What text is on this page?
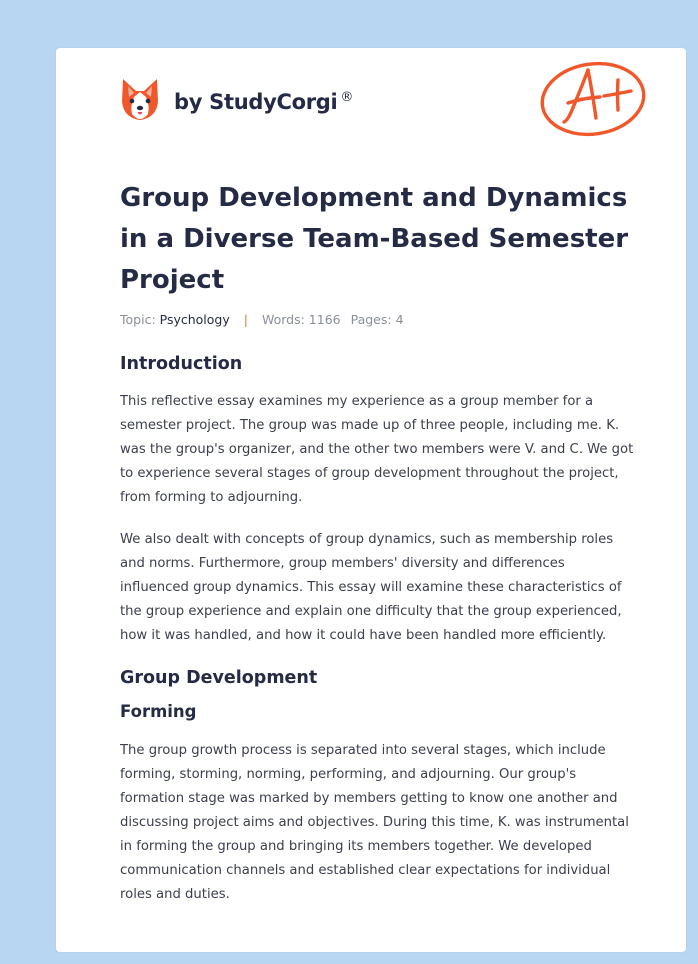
by StudyCorgi ®
Group Development and Dynamics in a Diverse Team-Based Semester Project
Topic: Psychology | Words: 1166 Pages: 4
Introduction

This reflective essay examines my experience as a group member for a semester project. The group was made up of three people, including me. K. was the group's organizer, and the other two members were V. and C. We got to experience several stages of group development throughout the project, from forming to adjourning.

We also dealt with concepts of group dynamics, such as membership roles and norms. Furthermore, group members' diversity and differences influenced group dynamics. This essay will examine these characteristics of the group experience and explain one difficulty that the group experienced, how it was handled, and how it could have been handled more efficiently.

Group Development
Forming

The group growth process is separated into several stages, which include forming, storming, norming, performing, and adjourning. Our group's formation stage was marked by members getting to know one another and discussing project aims and objectives. During this time, K. was instrumental in forming the group and bringing its members together. We developed communication channels and established clear expectations for individual roles and duties.
